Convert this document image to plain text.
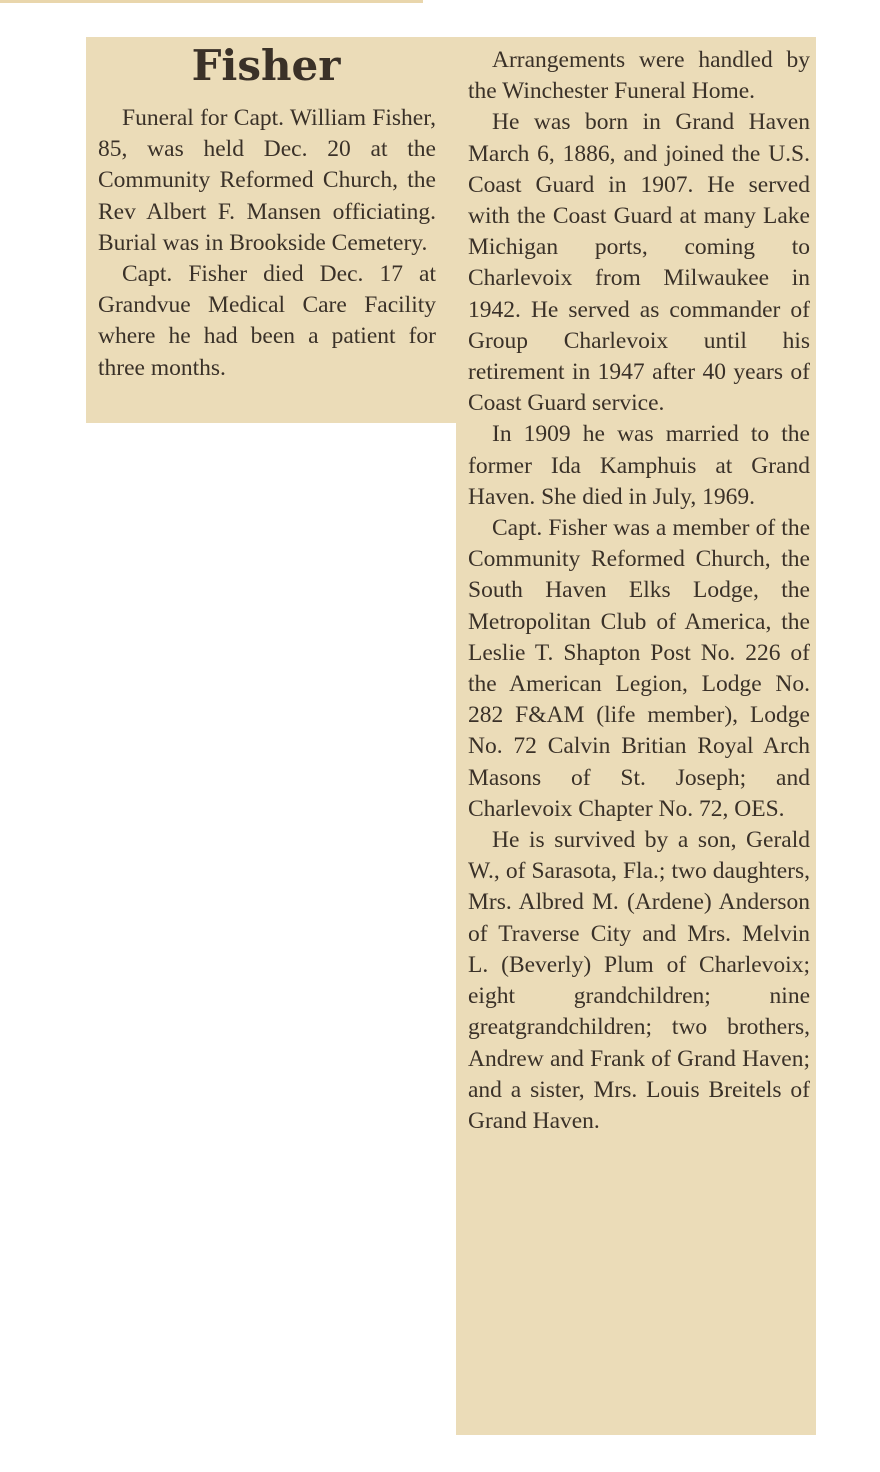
Fisher

Funeral for Capt. William Fisher, 85, was held Dec. 20 at the Community Reformed Church, the Rev Albert F. Mansen officiating. Burial was in Brookside Cemetery.

Capt. Fisher died Dec. 17 at Grandvue Medical Care Facility where he had been a patient for three months.

Arrangements were handled by the Winchester Funeral Home.

He was born in Grand Haven March 6, 1886, and joined the U.S. Coast Guard in 1907. He served with the Coast Guard at many Lake Michigan ports, coming to Charlevoix from Milwaukee in 1942. He served as commander of Group Charlevoix until his retirement in 1947 after 40 years of Coast Guard service.

In 1909 he was married to the former Ida Kamphuis at Grand Haven. She died in July, 1969.

Capt. Fisher was a member of the Community Reformed Church, the South Haven Elks Lodge, the Metropolitan Club of America, the Leslie T. Shapton Post No. 226 of the American Legion, Lodge No. 282 F&AM (life member), Lodge No. 72 Calvin Britian Royal Arch Masons of St. Joseph; and Charlevoix Chapter No. 72, OES.

He is survived by a son, Gerald W., of Sarasota, Fla.; two daughters, Mrs. Albred M. (Ardene) Anderson of Traverse City and Mrs. Melvin L. (Beverly) Plum of Charlevoix; eight grandchildren; nine greatgrandchildren; two brothers, Andrew and Frank of Grand Haven; and a sister, Mrs. Louis Breitels of Grand Haven.
